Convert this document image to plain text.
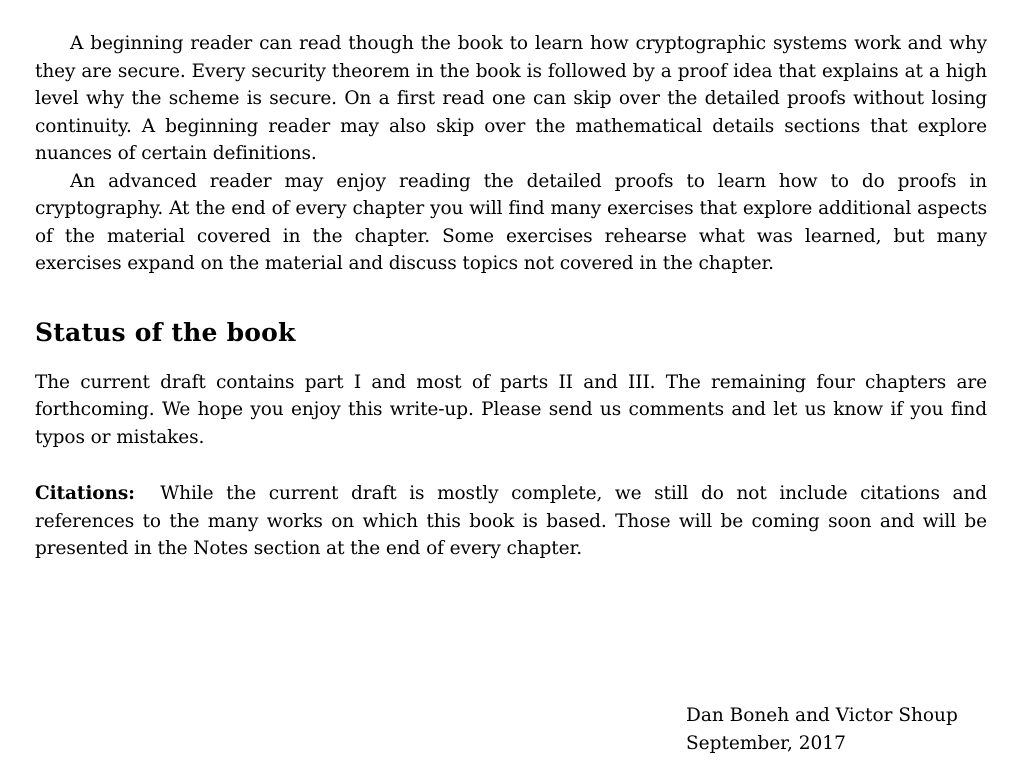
A beginning reader can read though the book to learn how cryptographic systems work and why they are secure. Every security theorem in the book is followed by a proof idea that explains at a high level why the scheme is secure. On a first read one can skip over the detailed proofs without losing continuity. A beginning reader may also skip over the mathematical details sections that explore nuances of certain definitions.

An advanced reader may enjoy reading the detailed proofs to learn how to do proofs in cryptography. At the end of every chapter you will find many exercises that explore additional aspects of the material covered in the chapter. Some exercises rehearse what was learned, but many exercises expand on the material and discuss topics not covered in the chapter.

Status of the book

The current draft contains part I and most of parts II and III. The remaining four chapters are forthcoming. We hope you enjoy this write-up. Please send us comments and let us know if you find typos or mistakes.

Citations: While the current draft is mostly complete, we still do not include citations and references to the many works on which this book is based. Those will be coming soon and will be presented in the Notes section at the end of every chapter.

Dan Boneh and Victor Shoup
September, 2017
